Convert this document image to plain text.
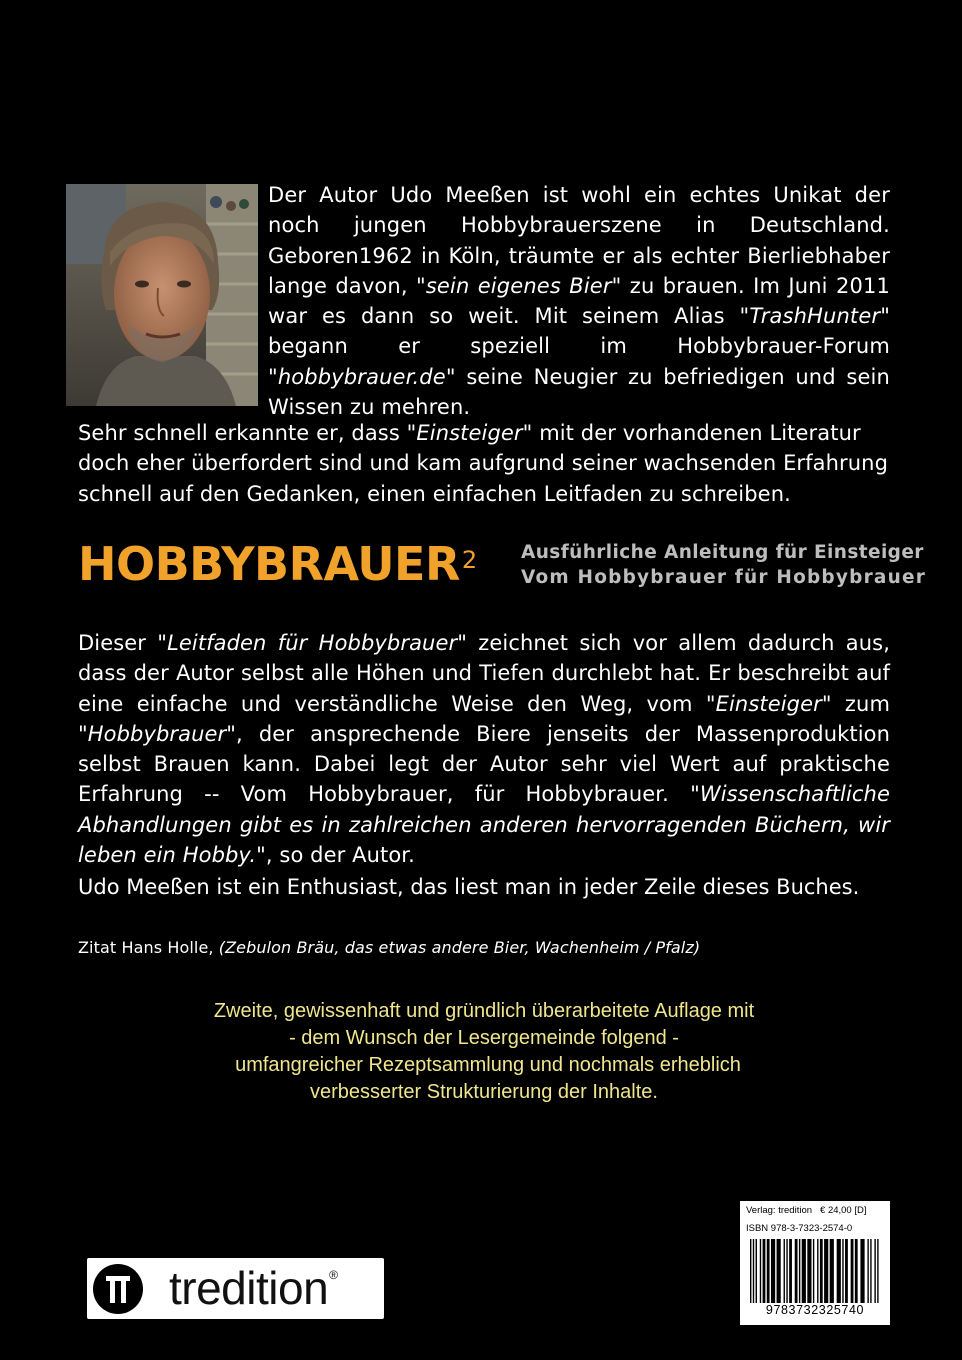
Der Autor Udo Meeßen ist wohl ein echtes Unikat der noch jungen Hobbybrauerszene in Deutschland. Geboren1962 in Köln, träumte er als echter Bierliebhaber lange davon, "sein eigenes Bier" zu brauen. Im Juni 2011 war es dann so weit. Mit seinem Alias "TrashHunter" begann er speziell im Hobbybrauer-Forum "hobbybrauer.de" seine Neugier zu befriedigen und sein Wissen zu mehren.
Sehr schnell erkannte er, dass "Einsteiger" mit der vorhandenen Literatur doch eher überfordert sind und kam aufgrund seiner wachsenden Erfahrung schnell auf den Gedanken, einen einfachen Leitfaden zu schreiben.
HOBBYBRAUER$^2$ Ausführliche Anleitung für Einsteiger
Vom Hobbybrauer für Hobbybrauer
Dieser "Leitfaden für Hobbybrauer" zeichnet sich vor allem dadurch aus, dass der Autor selbst alle Höhen und Tiefen durchlebt hat. Er beschreibt auf eine einfache und verständliche Weise den Weg, vom "Einsteiger" zum "Hobbybrauer", der ansprechende Biere jenseits der Massenproduktion selbst Brauen kann. Dabei legt der Autor sehr viel Wert auf praktische Erfahrung -- Vom Hobbybrauer, für Hobbybrauer. "Wissenschaftliche Abhandlungen gibt es in zahlreichen anderen hervorragenden Büchern, wir leben ein Hobby.", so der Autor.
Udo Meeßen ist ein Enthusiast, das liest man in jeder Zeile dieses Buches.
Zitat Hans Holle, (Zebulon Bräu, das etwas andere Bier, Wachenheim / Pfalz)
Zweite, gewissenhaft und gründlich überarbeitete Auflage mit
- dem Wunsch der Lesergemeinde folgend -
umfangreicher Rezeptsammlung und nochmals erheblich
verbesserter Strukturierung der Inhalte.
tredition ®
Verlag: tredition € 24,00 [D]
ISBN 978-3-7323-2574-0
9783732325740
